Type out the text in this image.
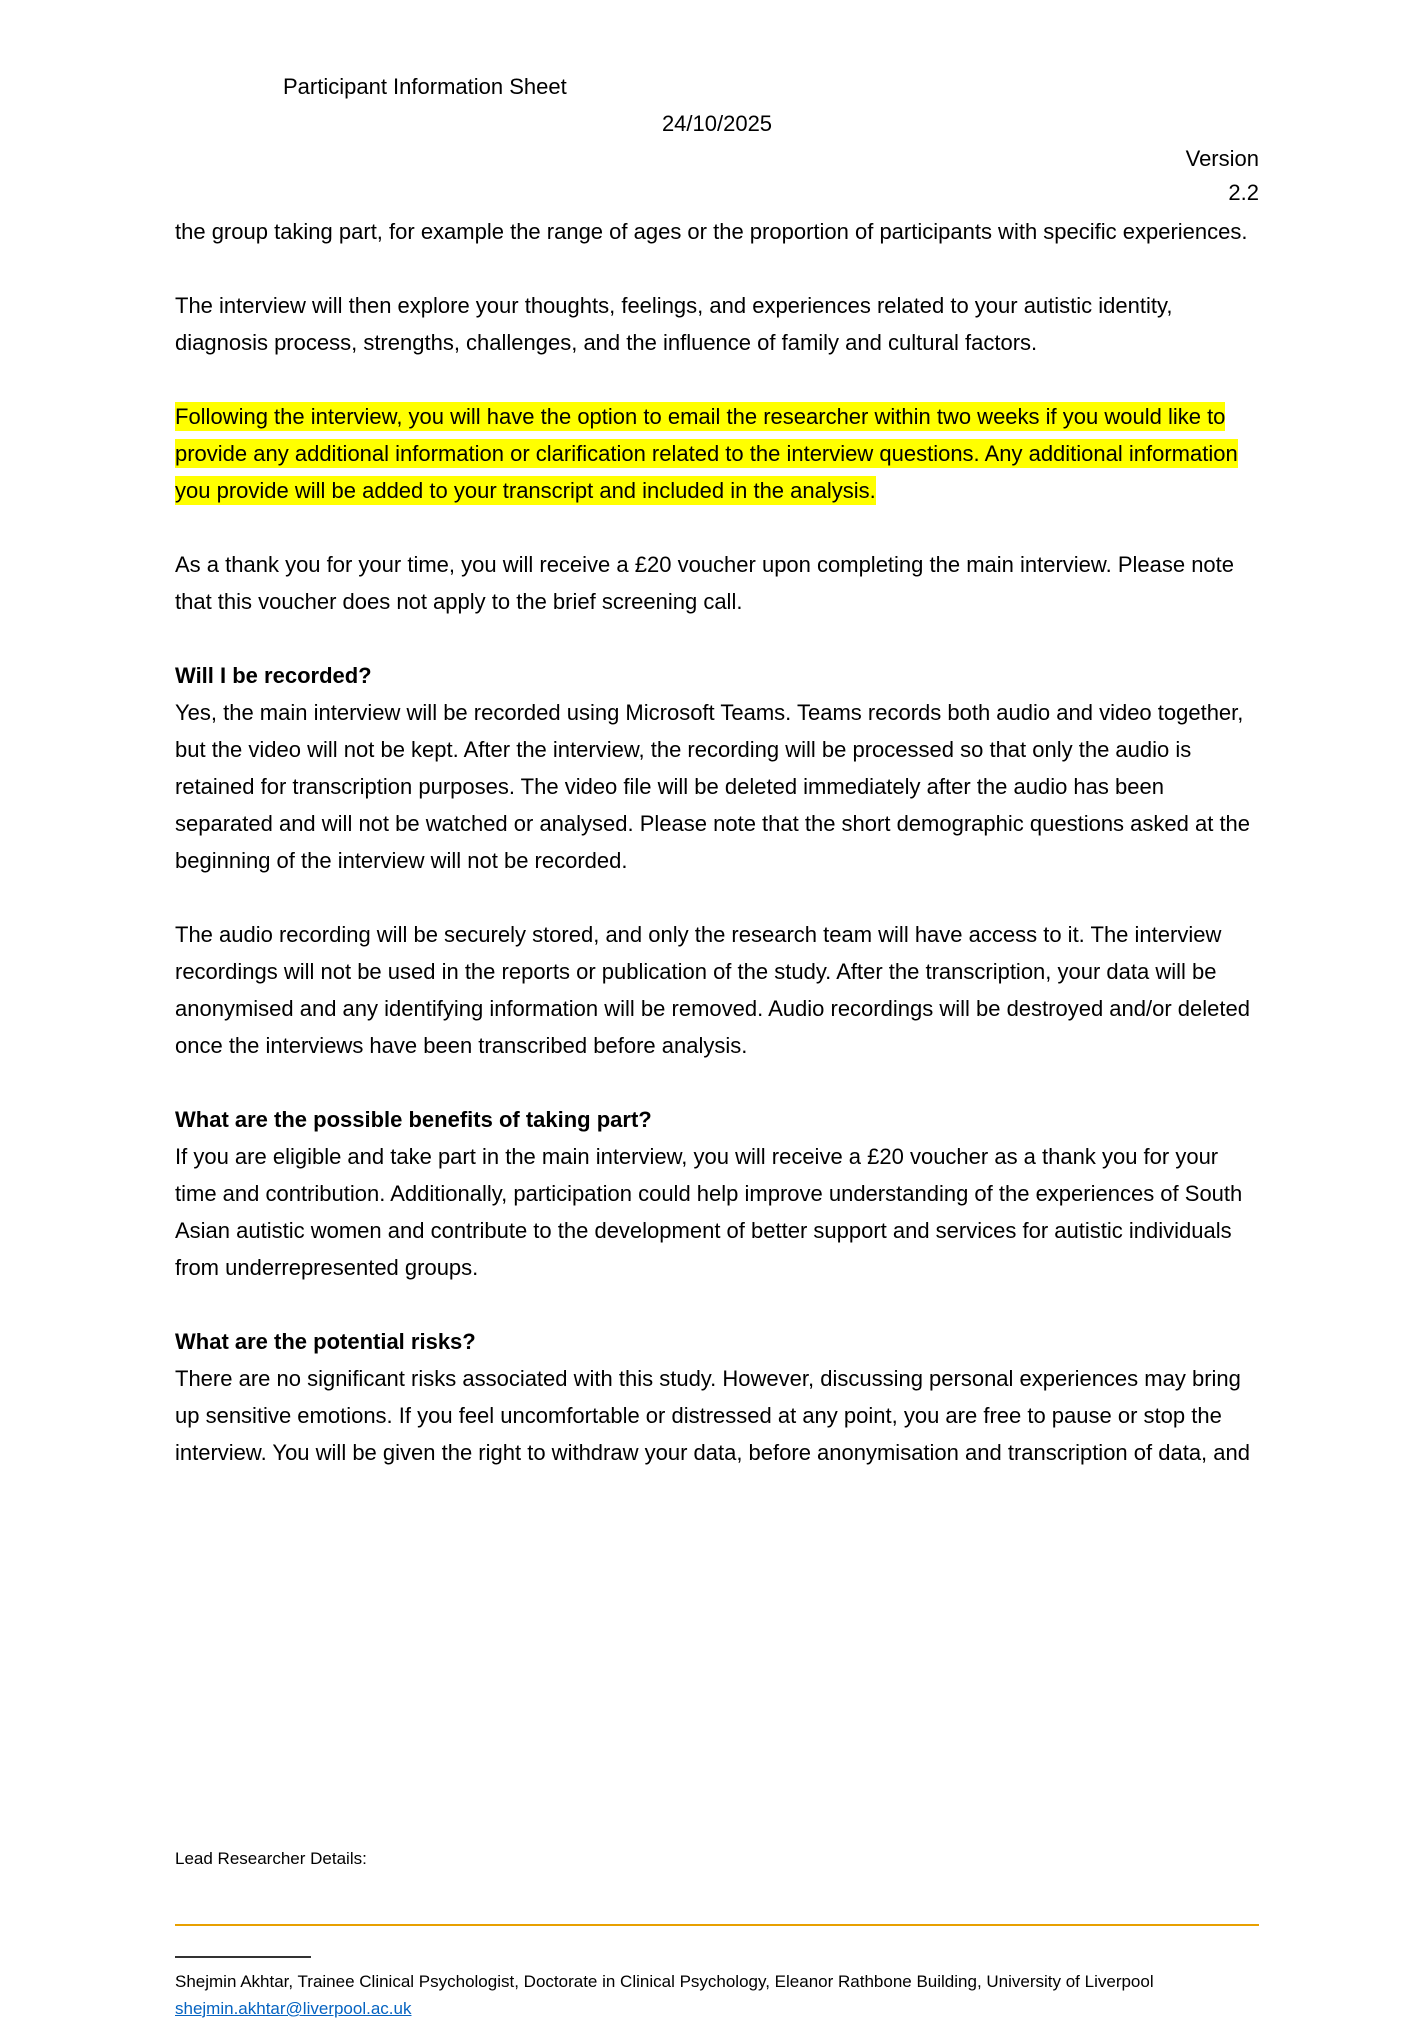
Participant Information Sheet
24/10/2025
Version
2.2

the group taking part, for example the range of ages or the proportion of participants with specific experiences.

The interview will then explore your thoughts, feelings, and experiences related to your autistic identity, diagnosis process, strengths, challenges, and the influence of family and cultural factors.

Following the interview, you will have the option to email the researcher within two weeks if you would like to provide any additional information or clarification related to the interview questions. Any additional information you provide will be added to your transcript and included in the analysis.

As a thank you for your time, you will receive a £20 voucher upon completing the main interview. Please note that this voucher does not apply to the brief screening call.

Will I be recorded?

Yes, the main interview will be recorded using Microsoft Teams. Teams records both audio and video together, but the video will not be kept. After the interview, the recording will be processed so that only the audio is retained for transcription purposes. The video file will be deleted immediately after the audio has been separated and will not be watched or analysed. Please note that the short demographic questions asked at the beginning of the interview will not be recorded.

The audio recording will be securely stored, and only the research team will have access to it. The interview recordings will not be used in the reports or publication of the study. After the transcription, your data will be anonymised and any identifying information will be removed. Audio recordings will be destroyed and/or deleted once the interviews have been transcribed before analysis.

What are the possible benefits of taking part?

If you are eligible and take part in the main interview, you will receive a £20 voucher as a thank you for your time and contribution. Additionally, participation could help improve understanding of the experiences of South Asian autistic women and contribute to the development of better support and services for autistic individuals from underrepresented groups.

What are the potential risks?

There are no significant risks associated with this study. However, discussing personal experiences may bring up sensitive emotions. If you feel uncomfortable or distressed at any point, you are free to pause or stop the interview. You will be given the right to withdraw your data, before anonymisation and transcription of data, and

Lead Researcher Details:

Shejmin Akhtar, Trainee Clinical Psychologist, Doctorate in Clinical Psychology, Eleanor Rathbone Building, University of Liverpool

shejmin.akhtar@liverpool.ac.uk
